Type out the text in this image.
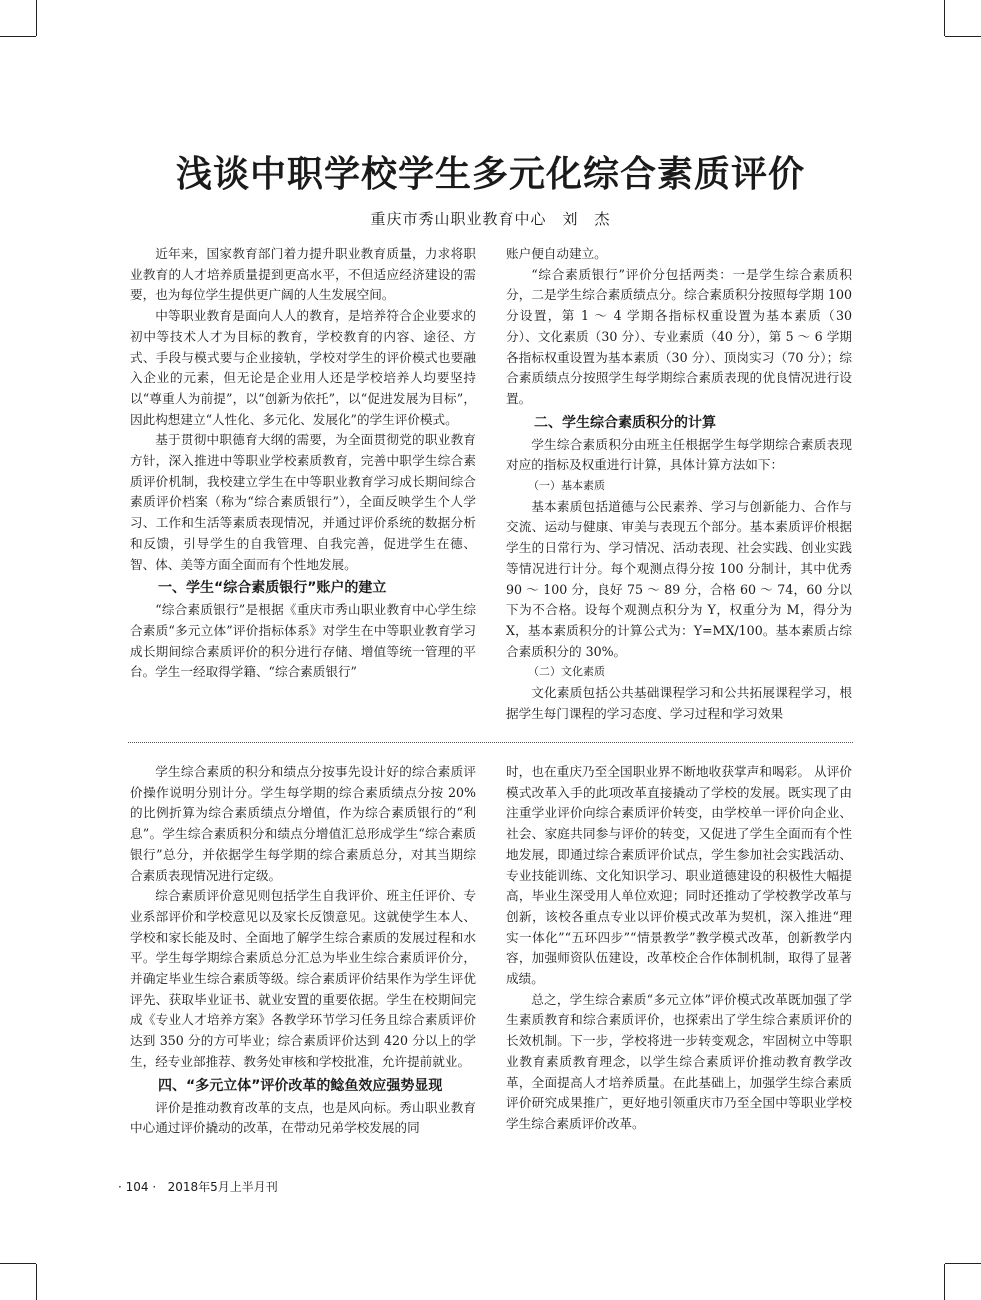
浅谈中职学校学生多元化综合素质评价
重庆市秀山职业教育中心　刘　杰

近年来，国家教育部门着力提升职业教育质量，力求将职业教育的人才培养质量提到更高水平，不但适应经济建设的需要，也为每位学生提供更广阔的人生发展空间。

中等职业教育是面向人人的教育，是培养符合企业要求的初中等技术人才为目标的教育，学校教育的内容、途径、方式、手段与模式要与企业接轨，学校对学生的评价模式也要融入企业的元素，但无论是企业用人还是学校培养人均要坚持以“尊重人为前提”，以“创新为依托”，以“促进发展为目标”，因此构想建立“人性化、多元化、发展化”的学生评价模式。

基于贯彻中职德育大纲的需要，为全面贯彻党的职业教育方针，深入推进中等职业学校素质教育，完善中职学生综合素质评价机制，我校建立学生在中等职业教育学习成长期间综合素质评价档案（称为“综合素质银行”），全面反映学生个人学习、工作和生活等素质表现情况，并通过评价系统的数据分析和反馈，引导学生的自我管理、自我完善，促进学生在德、智、体、美等方面全面而有个性地发展。

一、学生“综合素质银行”账户的建立

“综合素质银行”是根据《重庆市秀山职业教育中心学生综合素质“多元立体”评价指标体系》对学生在中等职业教育学习成长期间综合素质评价的积分进行存储、增值等统一管理的平台。学生一经取得学籍、“综合素质银行”

账户便自动建立。

“综合素质银行”评价分包括两类：一是学生综合素质积分，二是学生综合素质绩点分。综合素质积分按照每学期 100 分设置，第 1 ～ 4 学期各指标权重设置为基本素质（30 分）、文化素质（30 分）、专业素质（40 分），第 5 ～ 6 学期各指标权重设置为基本素质（30 分）、顶岗实习（70 分）；综合素质绩点分按照学生每学期综合素质表现的优良情况进行设置。

二、学生综合素质积分的计算

学生综合素质积分由班主任根据学生每学期综合素质表现对应的指标及权重进行计算，具体计算方法如下：

（一）基本素质

基本素质包括道德与公民素养、学习与创新能力、合作与交流、运动与健康、审美与表现五个部分。基本素质评价根据学生的日常行为、学习情况、活动表现、社会实践、创业实践等情况进行计分。每个观测点得分按 100 分制计，其中优秀 90 ～ 100 分，良好 75 ～ 89 分，合格 60 ～ 74，60 分以下为不合格。设每个观测点积分为 Y，权重分为 M，得分为 X，基本素质积分的计算公式为：Y=MX/100。基本素质占综合素质积分的 30%。

（二）文化素质

文化素质包括公共基础课程学习和公共拓展课程学习，根据学生每门课程的学习态度、学习过程和学习效果

学生综合素质的积分和绩点分按事先设计好的综合素质评价操作说明分别计分。学生每学期的综合素质绩点分按 20% 的比例折算为综合素质绩点分增值，作为综合素质银行的“利息”。学生综合素质积分和绩点分增值汇总形成学生“综合素质银行”总分，并依据学生每学期的综合素质总分，对其当期综合素质表现情况进行定级。

综合素质评价意见则包括学生自我评价、班主任评价、专业系部评价和学校意见以及家长反馈意见。这就使学生本人、学校和家长能及时、全面地了解学生综合素质的发展过程和水平。学生每学期综合素质总分汇总为毕业生综合素质评价分，并确定毕业生综合素质等级。综合素质评价结果作为学生评优评先、获取毕业证书、就业安置的重要依据。学生在校期间完成《专业人才培养方案》各教学环节学习任务且综合素质评价达到 350 分的方可毕业；综合素质评价达到 420 分以上的学生，经专业部推荐、教务处审核和学校批准，允许提前就业。

四、“多元立体”评价改革的鲶鱼效应强势显现

评价是推动教育改革的支点，也是风向标。秀山职业教育中心通过评价撬动的改革，在带动兄弟学校发展的同

时，也在重庆乃至全国职业界不断地收获掌声和喝彩。 从评价模式改革入手的此项改革直接撬动了学校的发展。既实现了由注重学业评价向综合素质评价转变，由学校单一评价向企业、社会、家庭共同参与评价的转变，又促进了学生全面而有个性地发展，即通过综合素质评价试点，学生参加社会实践活动、专业技能训练、文化知识学习、职业道德建设的积极性大幅提高，毕业生深受用人单位欢迎；同时还推动了学校教学改革与创新，该校各重点专业以评价模式改革为契机，深入推进“理实一体化”“五环四步”“情景教学”教学模式改革，创新教学内容，加强师资队伍建设，改革校企合作体制机制，取得了显著成绩。

总之，学生综合素质“多元立体”评价模式改革既加强了学生素质教育和综合素质评价，也探索出了学生综合素质评价的长效机制。下一步，学校将进一步转变观念，牢固树立中等职业教育素质教育理念，以学生综合素质评价推动教育教学改革，全面提高人才培养质量。在此基础上，加强学生综合素质评价研究成果推广，更好地引领重庆市乃至全国中等职业学校学生综合素质评价改革。

· 104 · 2018年5月上半月刊
